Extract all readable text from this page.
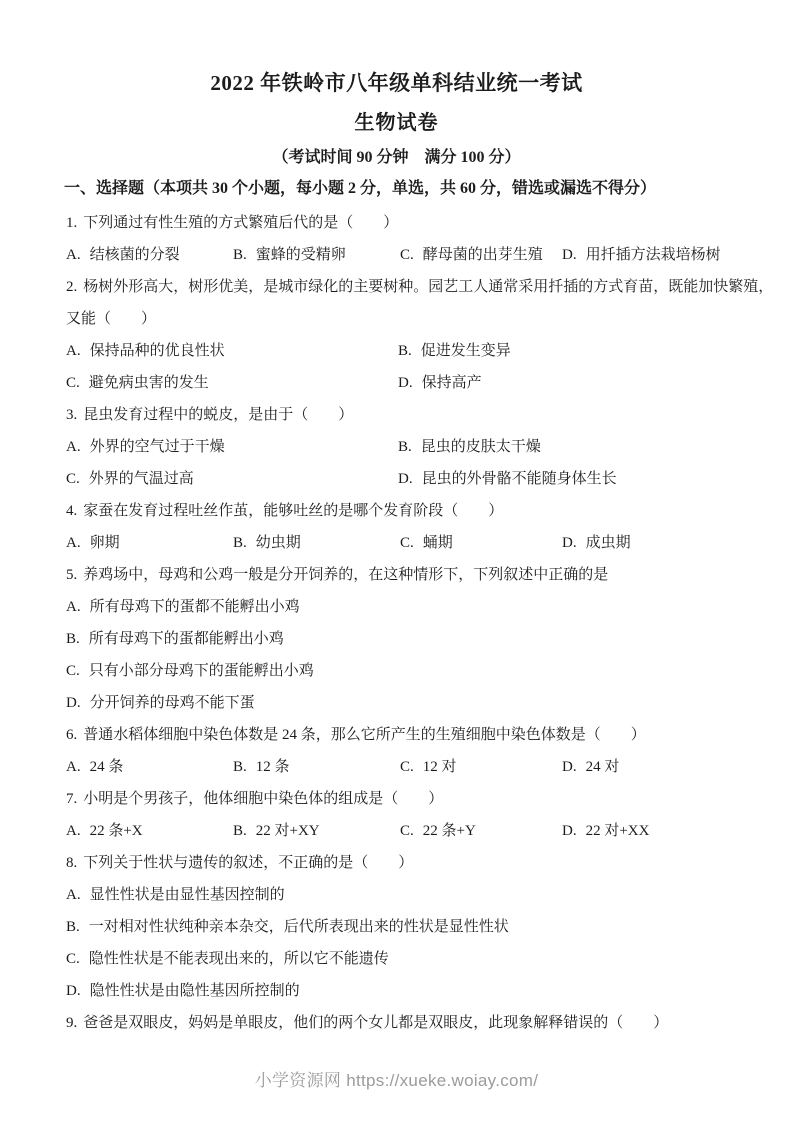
2022 年铁岭市八年级单科结业统一考试
生物试卷
（考试时间 90 分钟　满分 100 分）
一、选择题（本项共 30 个小题，每小题 2 分，单选，共 60 分，错选或漏选不得分）
1. 下列通过有性生殖的方式繁殖后代的是（　　）
A. 结核菌的分裂	B. 蜜蜂的受精卵	C. 酵母菌的出芽生殖 D. 用扦插方法栽培杨树
2. 杨树外形高大，树形优美，是城市绿化的主要树种。园艺工人通常采用扦插的方式育苗，既能加快繁殖，
又能（　　）
A. 保持品种的优良性状	B. 促进发生变异
C. 避免病虫害的发生	D. 保持高产
3. 昆虫发育过程中的蜕皮，是由于（　　）
A. 外界的空气过于干燥	B. 昆虫的皮肤太干燥
C. 外界的气温过高	D. 昆虫的外骨骼不能随身体生长
4. 家蚕在发育过程吐丝作茧，能够吐丝的是哪个发育阶段（　　）
A. 卵期	B. 幼虫期	C. 蛹期	D. 成虫期
5. 养鸡场中，母鸡和公鸡一般是分开饲养的，在这种情形下，下列叙述中正确的是
A. 所有母鸡下的蛋都不能孵出小鸡
B. 所有母鸡下的蛋都能孵出小鸡
C. 只有小部分母鸡下的蛋能孵出小鸡
D. 分开饲养的母鸡不能下蛋
6. 普通水稻体细胞中染色体数是 24 条，那么它所产生的生殖细胞中染色体数是（　　）
A. 24 条	B. 12 条	C. 12 对	D. 24 对
7. 小明是个男孩子，他体细胞中染色体的组成是（　　）
A. 22 条+X	B. 22 对+XY	C. 22 条+Y	D. 22 对+XX
8. 下列关于性状与遗传的叙述，不正确的是（　　）
A. 显性性状是由显性基因控制的
B. 一对相对性状纯种亲本杂交，后代所表现出来的性状是显性性状
C. 隐性性状是不能表现出来的，所以它不能遗传
D. 隐性性状是由隐性基因所控制的
9. 爸爸是双眼皮，妈妈是单眼皮，他们的两个女儿都是双眼皮，此现象解释错误的（　　）
小学资源网 https://xueke.woiay.com/
